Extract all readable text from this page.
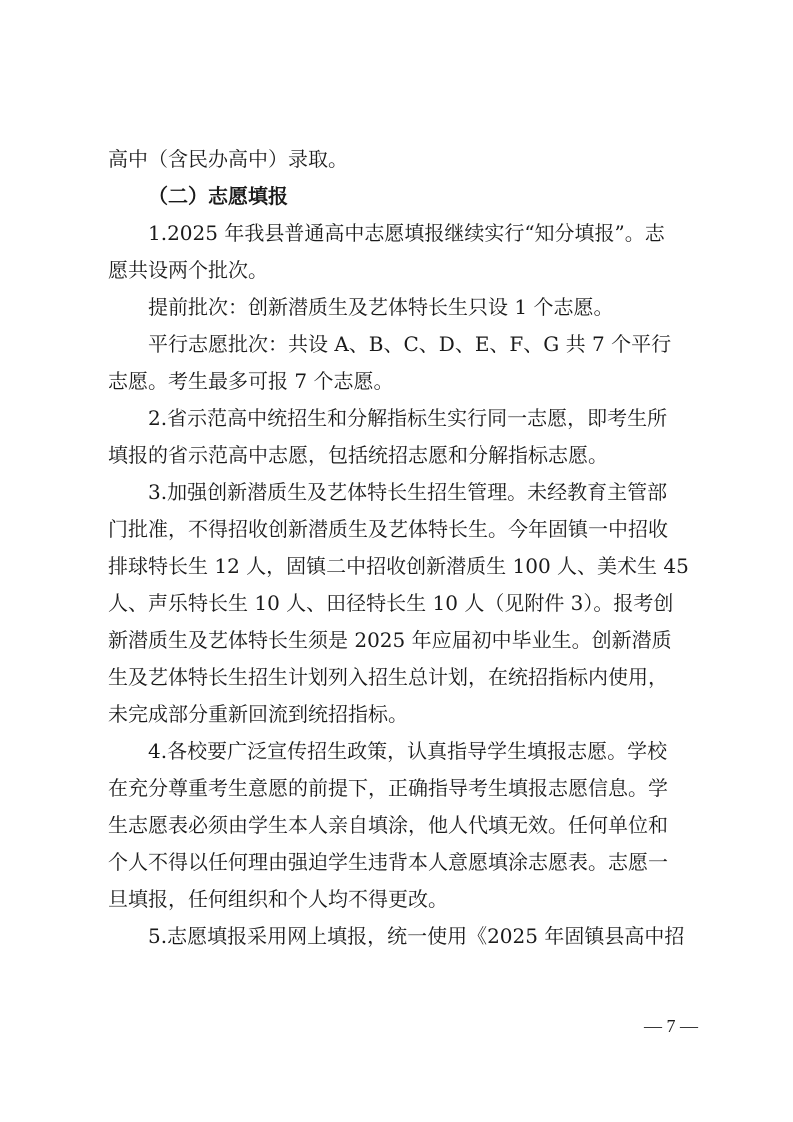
高中（含民办高中）录取。
（二）志愿填报
1.2025 年我县普通高中志愿填报继续实行“知分填报”。志
愿共设两个批次。
提前批次：创新潜质生及艺体特长生只设 1 个志愿。
平行志愿批次：共设 A、B、C、D、E、F、G 共 7 个平行
志愿。考生最多可报 7 个志愿。
2.省示范高中统招生和分解指标生实行同一志愿，即考生所
填报的省示范高中志愿，包括统招志愿和分解指标志愿。
3.加强创新潜质生及艺体特长生招生管理。未经教育主管部
门批准，不得招收创新潜质生及艺体特长生。今年固镇一中招收
排球特长生 12 人，固镇二中招收创新潜质生 100 人、美术生 45
人、声乐特长生 10 人、田径特长生 10 人（见附件 3）。报考创
新潜质生及艺体特长生须是 2025 年应届初中毕业生。创新潜质
生及艺体特长生招生计划列入招生总计划，在统招指标内使用，
未完成部分重新回流到统招指标。
4.各校要广泛宣传招生政策，认真指导学生填报志愿。学校
在充分尊重考生意愿的前提下，正确指导考生填报志愿信息。学
生志愿表必须由学生本人亲自填涂，他人代填无效。任何单位和
个人不得以任何理由强迫学生违背本人意愿填涂志愿表。志愿一
旦填报，任何组织和个人均不得更改。
5.志愿填报采用网上填报，统一使用《2025 年固镇县高中招
— 7 —
